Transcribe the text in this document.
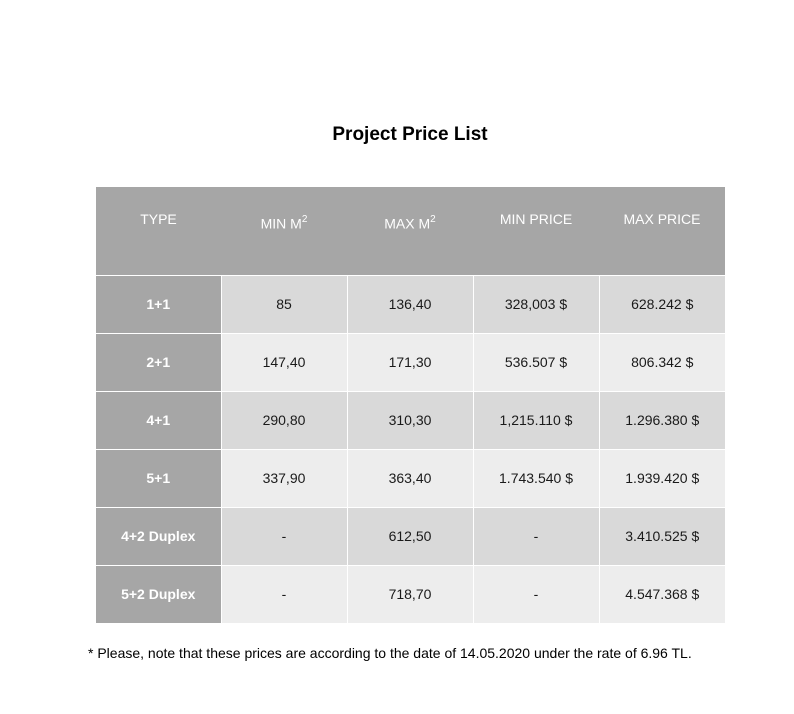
Project Price List
TYPE	MIN $M^2$	MAX $M^2$	MIN PRICE	MAX PRICE
1+1	85	136,40	328,003 $	628.242 $
2+1	147,40	171,30	536.507 $	806.342 $
4+1	290,80	310,30	1,215.110 $	1.296.380 $
5+1	337,90	363,40	1.743.540 $	1.939.420 $
4+2 Duplex	-	612,50	-	3.410.525 $
5+2 Duplex	-	718,70	-	4.547.368 $
* Please, note that these prices are according to the date of 14.05.2020 under the rate of 6.96 TL.
